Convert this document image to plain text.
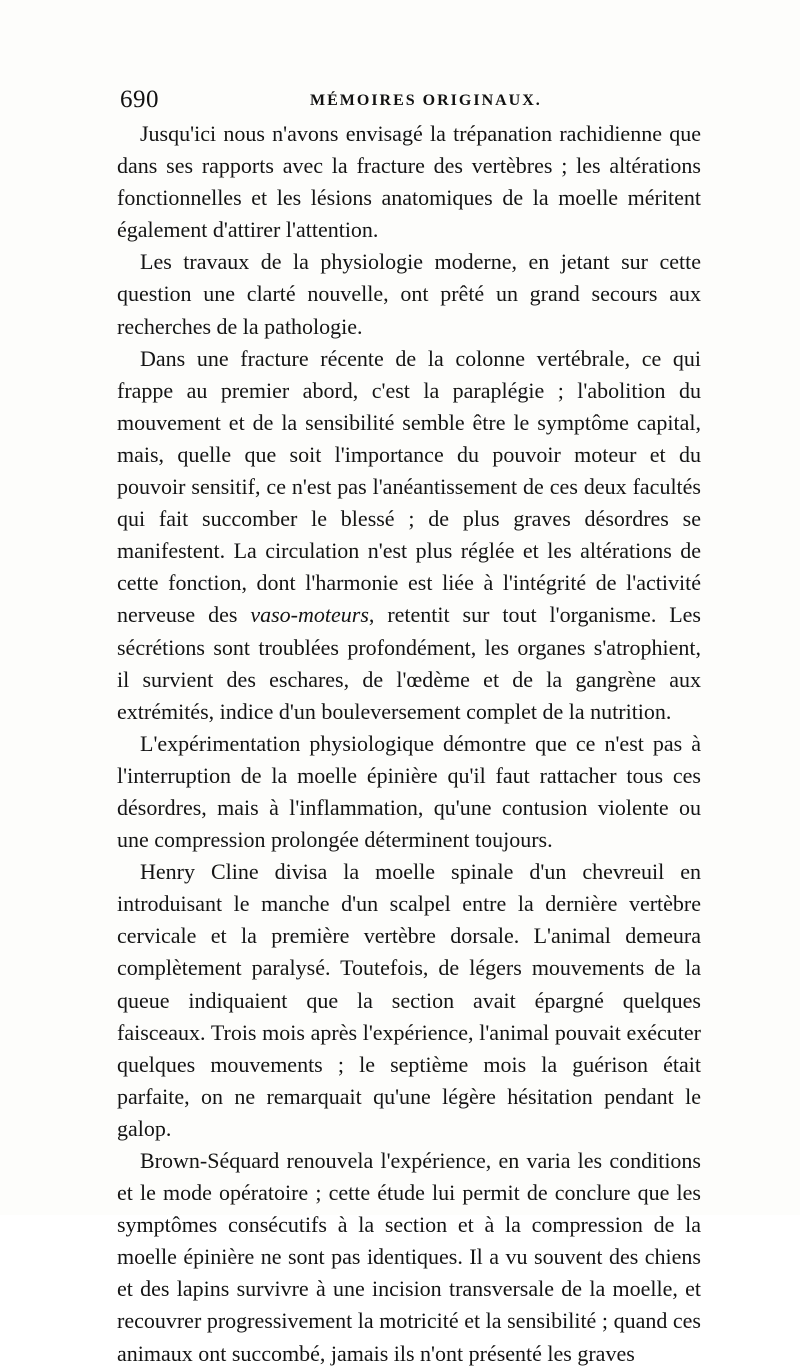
690	MÉMOIRES ORIGINAUX.

Jusqu'ici nous n'avons envisagé la trépanation rachidienne que dans ses rapports avec la fracture des vertèbres ; les altérations fonctionnelles et les lésions anatomiques de la moelle méritent également d'attirer l'attention.

Les travaux de la physiologie moderne, en jetant sur cette question une clarté nouvelle, ont prêté un grand secours aux recherches de la pathologie.

Dans une fracture récente de la colonne vertébrale, ce qui frappe au premier abord, c'est la paraplégie ; l'abolition du mouvement et de la sensibilité semble être le symptôme capital, mais, quelle que soit l'importance du pouvoir moteur et du pouvoir sensitif, ce n'est pas l'anéantissement de ces deux facultés qui fait succomber le blessé ; de plus graves désordres se manifestent. La circulation n'est plus réglée et les altérations de cette fonction, dont l'harmonie est liée à l'intégrité de l'activité nerveuse des vaso-moteurs, retentit sur tout l'organisme. Les sécrétions sont troublées profondément, les organes s'atrophient, il survient des eschares, de l'œdème et de la gangrène aux extrémités, indice d'un bouleversement complet de la nutrition.

L'expérimentation physiologique démontre que ce n'est pas à l'interruption de la moelle épinière qu'il faut rattacher tous ces désordres, mais à l'inflammation, qu'une contusion violente ou une compression prolongée déterminent toujours.

Henry Cline divisa la moelle spinale d'un chevreuil en introduisant le manche d'un scalpel entre la dernière vertèbre cervicale et la première vertèbre dorsale. L'animal demeura complètement paralysé. Toutefois, de légers mouvements de la queue indiquaient que la section avait épargné quelques faisceaux. Trois mois après l'expérience, l'animal pouvait exécuter quelques mouvements ; le septième mois la guérison était parfaite, on ne remarquait qu'une légère hésitation pendant le galop.

Brown-Séquard renouvela l'expérience, en varia les conditions et le mode opératoire ; cette étude lui permit de conclure que les symptômes consécutifs à la section et à la compression de la moelle épinière ne sont pas identiques. Il a vu souvent des chiens et des lapins survivre à une incision transversale de la moelle, et recouvrer progressivement la motricité et la sensibilité ; quand ces animaux ont succombé, jamais ils n'ont présenté les graves
